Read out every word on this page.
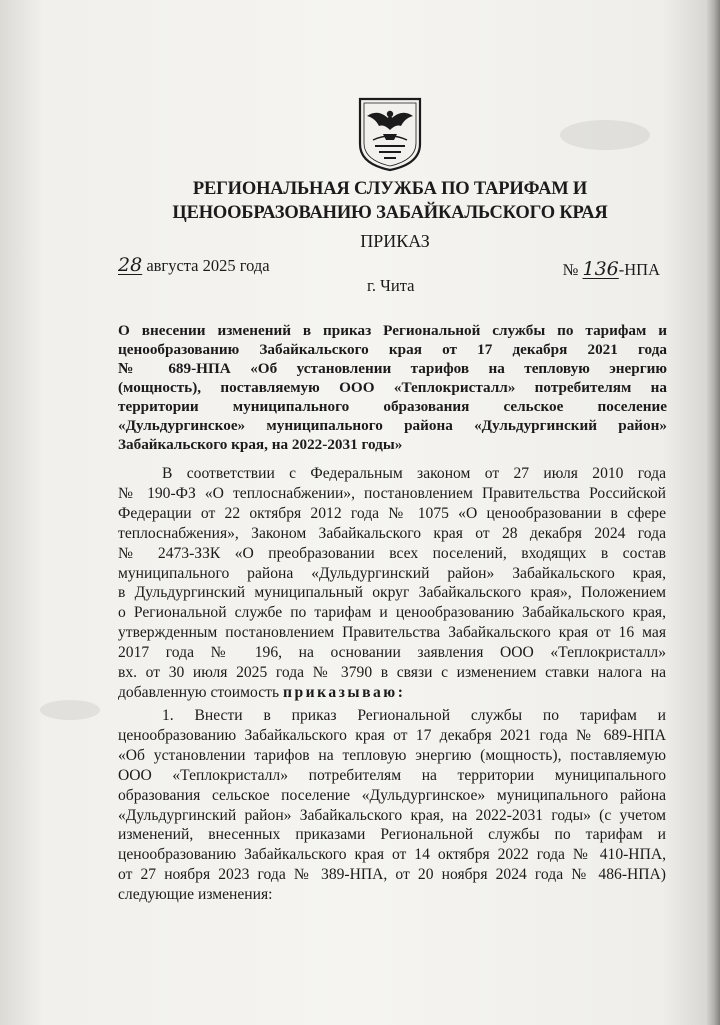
РЕГИОНАЛЬНАЯ СЛУЖБА ПО ТАРИФАМ И
ЦЕНООБРАЗОВАНИЮ ЗАБАЙКАЛЬСКОГО КРАЯ
ПРИКАЗ
28 августа 2025 года	№ 136-НПА
г. Чита
О внесении изменений в приказ Региональной службы по тарифам и
ценообразованию Забайкальского края от 17 декабря 2021 года
№ 689-НПА «Об установлении тарифов на тепловую энергию
(мощность), поставляемую ООО «Теплокристалл» потребителям на
территории муниципального образования сельское поселение
«Дульдургинское» муниципального района «Дульдургинский район»
Забайкальского края, на 2022-2031 годы»
В соответствии с Федеральным законом от 27 июля 2010 года
№ 190-ФЗ «О теплоснабжении», постановлением Правительства Российской
Федерации от 22 октября 2012 года № 1075 «О ценообразовании в сфере
теплоснабжения», Законом Забайкальского края от 28 декабря 2024 года
№ 2473-ЗЗК «О преобразовании всех поселений, входящих в состав
муниципального района «Дульдургинский район» Забайкальского края,
в Дульдургинский муниципальный округ Забайкальского края», Положением
о Региональной службе по тарифам и ценообразованию Забайкальского края,
утвержденным постановлением Правительства Забайкальского края от 16 мая
2017 года № 196, на основании заявления ООО «Теплокристалл»
вх. от 30 июля 2025 года № 3790 в связи с изменением ставки налога на
добавленную стоимость приказываю:
1. Внести в приказ Региональной службы по тарифам и
ценообразованию Забайкальского края от 17 декабря 2021 года № 689-НПА
«Об установлении тарифов на тепловую энергию (мощность), поставляемую
ООО «Теплокристалл» потребителям на территории муниципального
образования сельское поселение «Дульдургинское» муниципального района
«Дульдургинский район» Забайкальского края, на 2022-2031 годы» (с учетом
изменений, внесенных приказами Региональной службы по тарифам и
ценообразованию Забайкальского края от 14 октября 2022 года № 410-НПА,
от 27 ноября 2023 года № 389-НПА, от 20 ноября 2024 года № 486-НПА)
следующие изменения:
